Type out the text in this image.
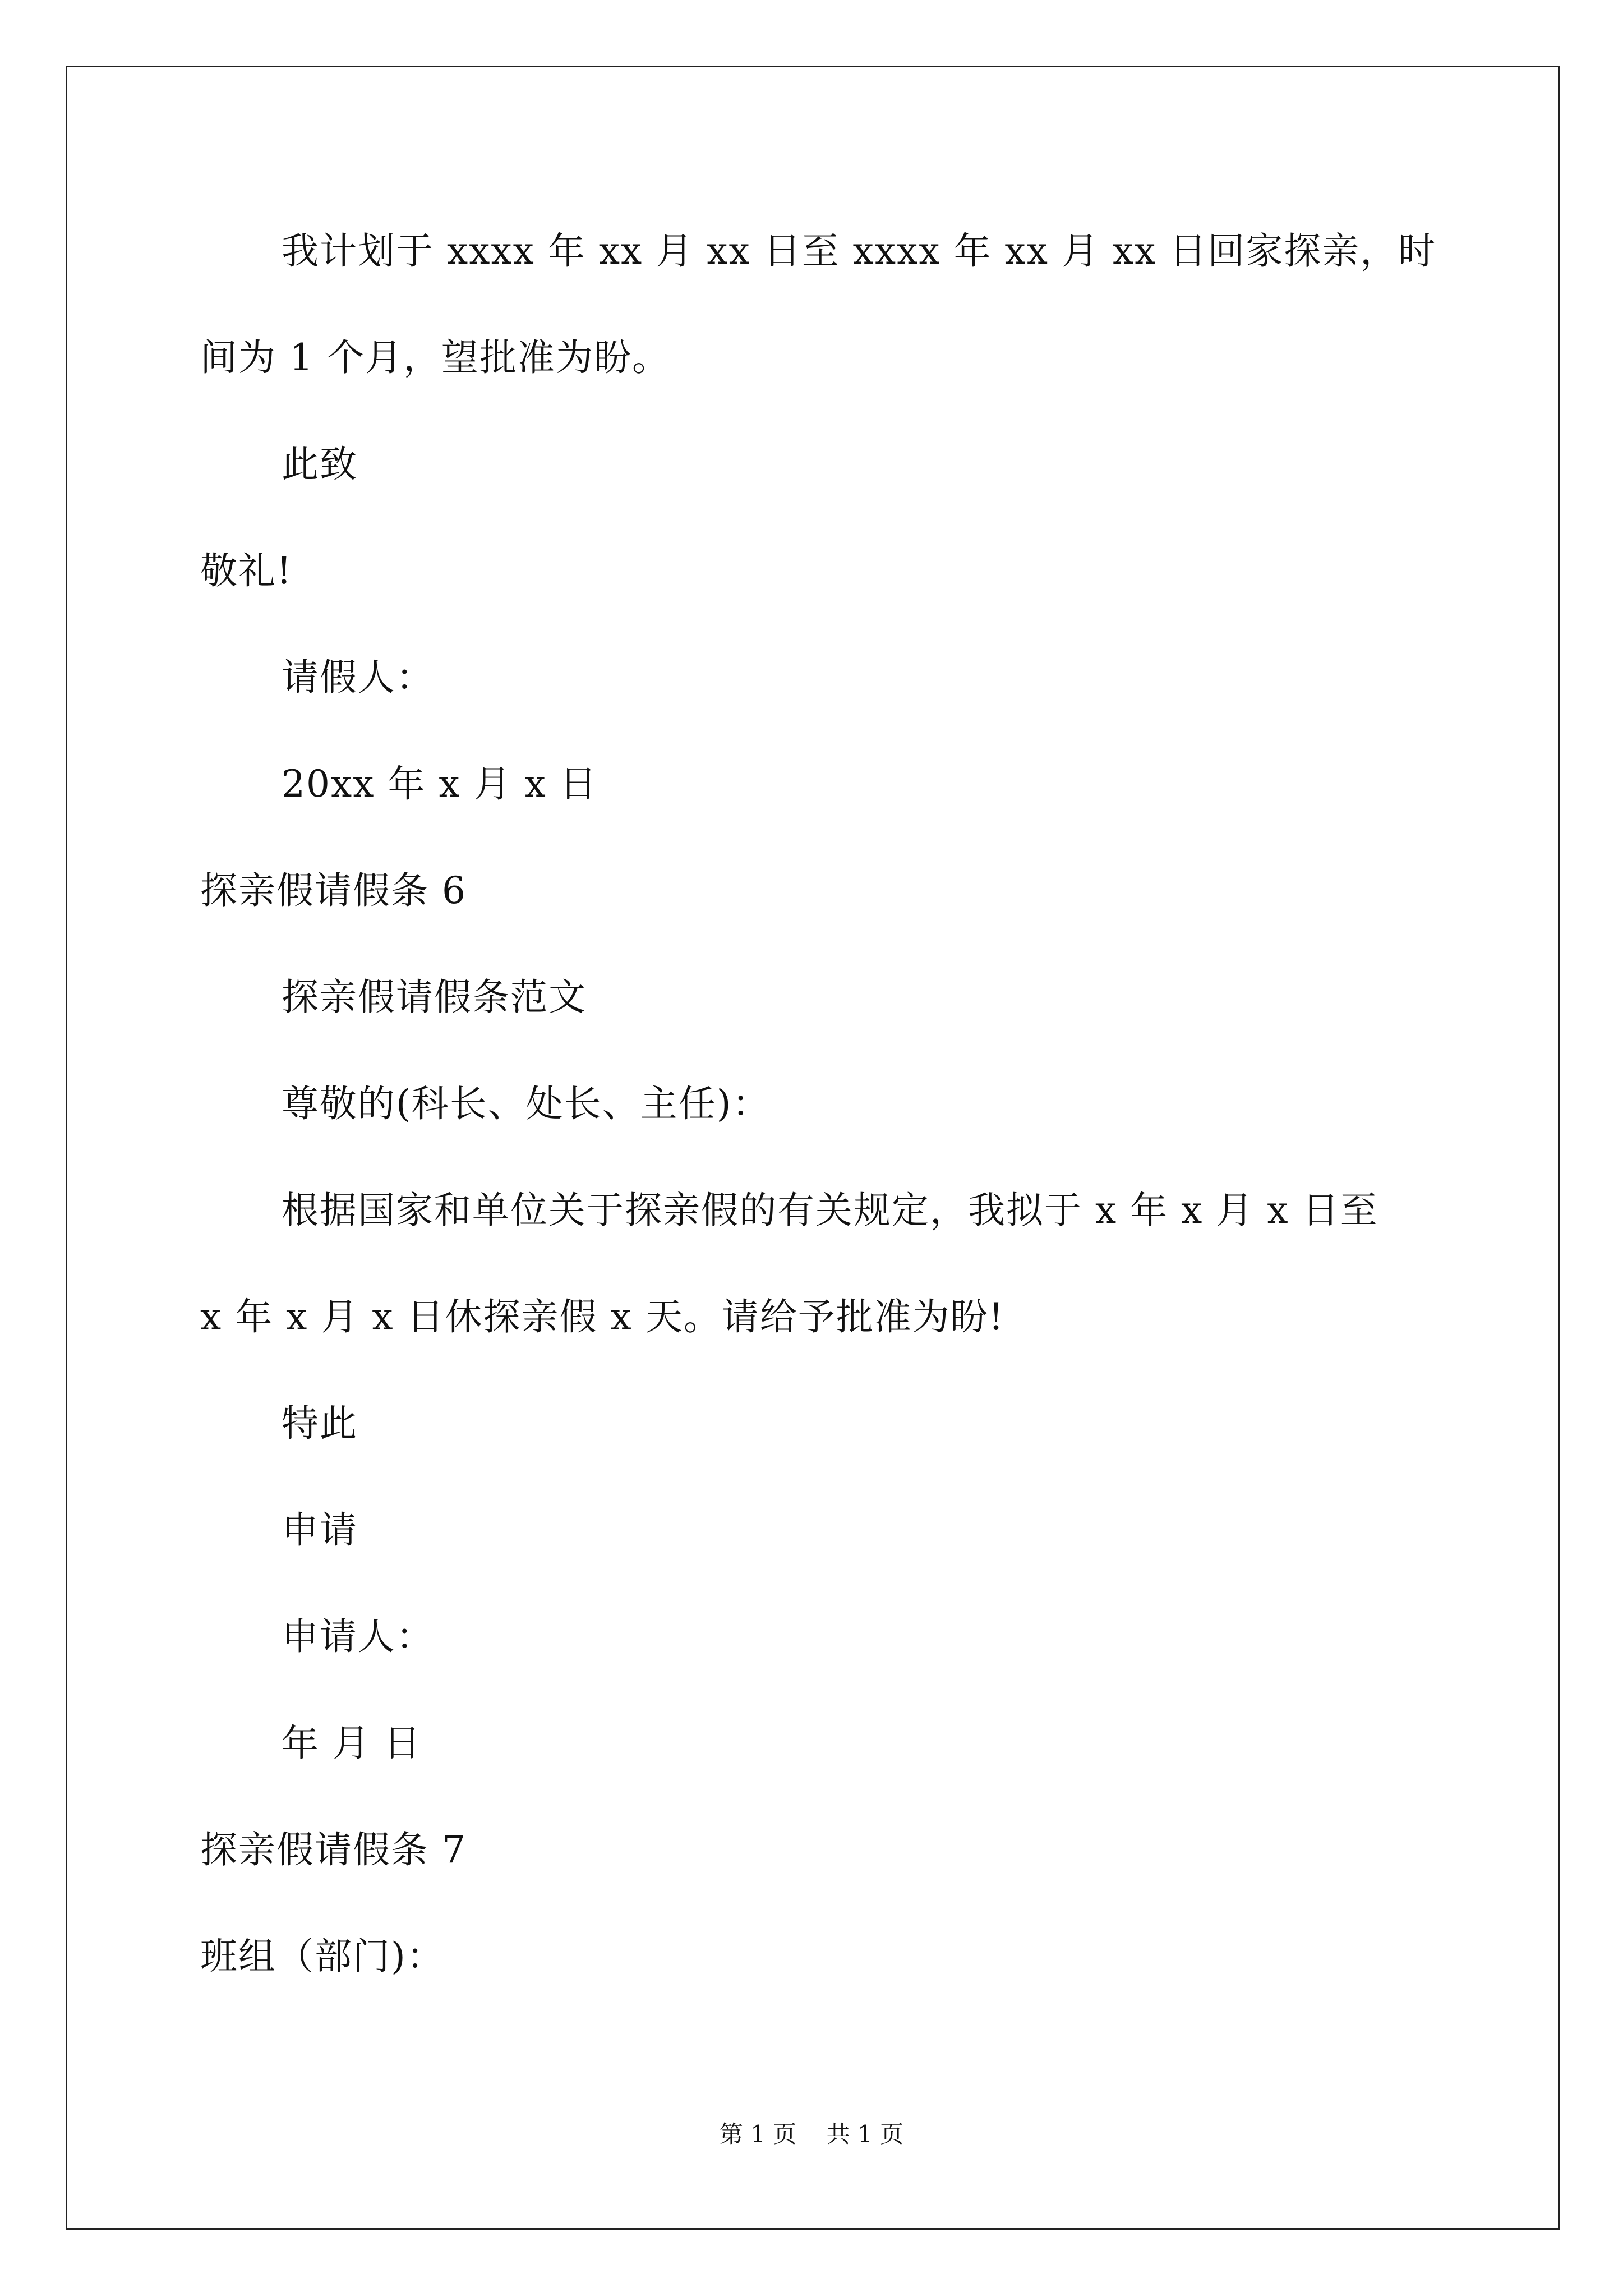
我计划于 xxxx 年 xx 月 xx 日至 xxxx 年 xx 月 xx 日回家探亲，时
间为 1 个月，望批准为盼。
此致
敬礼!
请假人：
20xx 年 x 月 x 日
探亲假请假条 6
探亲假请假条范文
尊敬的(科长、处长、主任)：
根据国家和单位关于探亲假的有关规定，我拟于 x 年 x 月 x 日至
x 年 x 月 x 日休探亲假 x 天。请给予批准为盼!
特此
申请
申请人：
年 月 日
探亲假请假条 7
班组（部门)：
第 1 页    共 1 页
